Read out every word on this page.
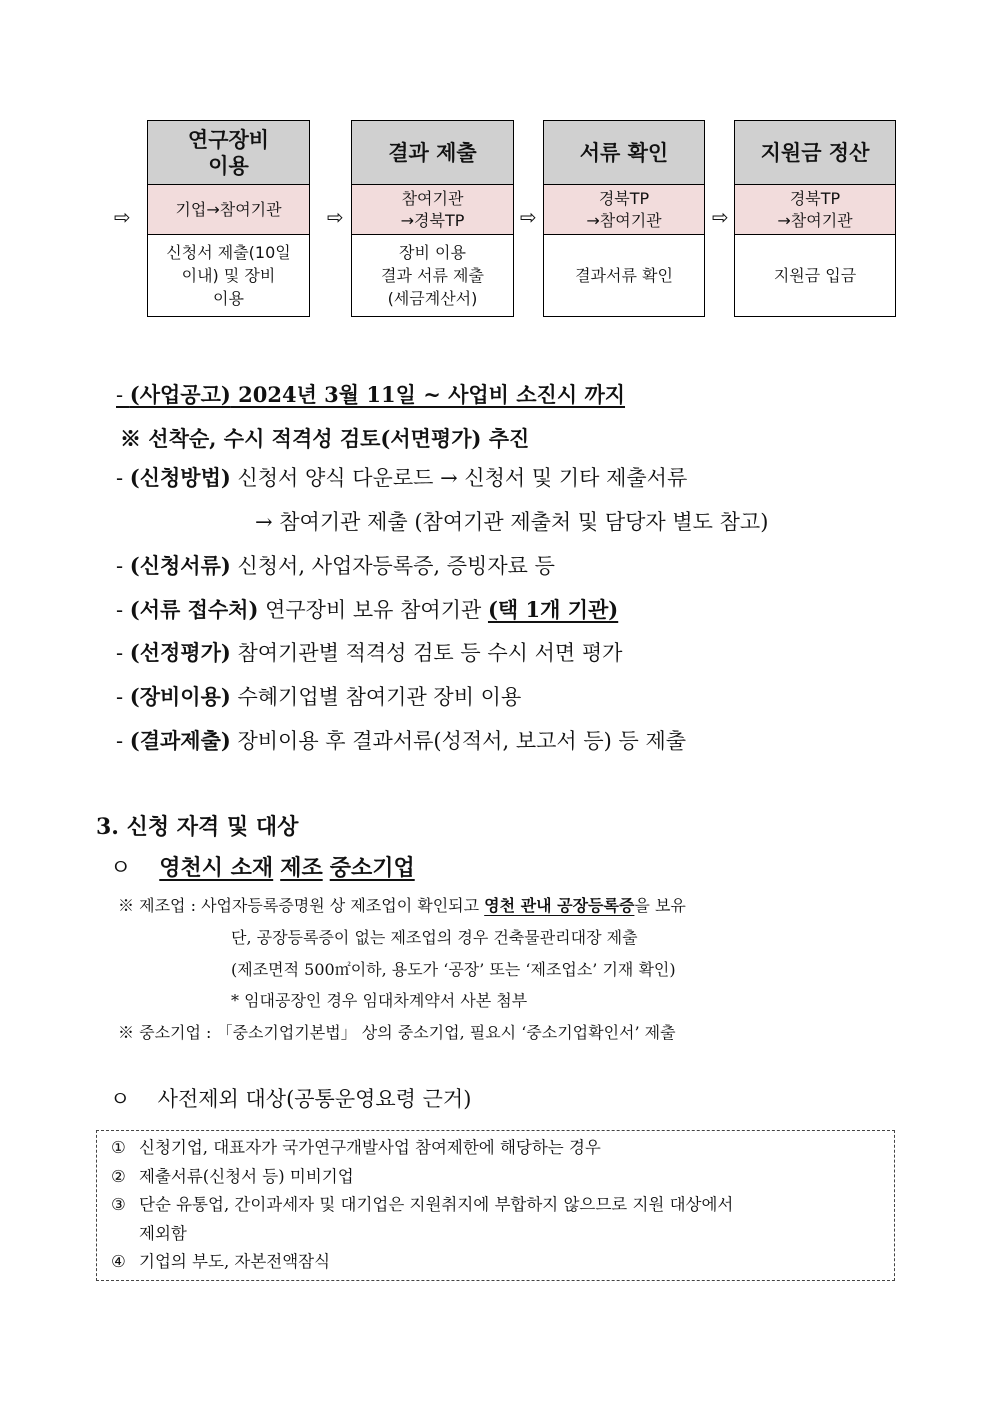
⇨
연구장비
이용
기업→참여기관
신청서 제출(10일
이내) 및 장비
이용
⇨
결과 제출
참여기관
→경북TP
장비 이용
결과 서류 제출
(세금계산서)
⇨
서류 확인
경북TP
→참여기관
결과서류 확인
⇨
지원금 정산
경북TP
→참여기관
지원금 입금
- (사업공고) 2024년 3월 11일 ~ 사업비 소진시 까지
※ 선착순, 수시 적격성 검토(서면평가) 추진
- (신청방법) 신청서 양식 다운로드 → 신청서 및 기타 제출서류
→ 참여기관 제출 (참여기관 제출처 및 담당자 별도 참고)
- (신청서류) 신청서, 사업자등록증, 증빙자료 등
- (서류 접수처) 연구장비 보유 참여기관 (택 1개 기관)
- (선정평가) 참여기관별 적격성 검토 등 수시 서면 평가
- (장비이용) 수혜기업별 참여기관 장비 이용
- (결과제출) 장비이용 후 결과서류(성적서, 보고서 등) 등 제출
3. 신청 자격 및 대상
ㅇ 영천시 소재 제조 중소기업
※ 제조업 : 사업자등록증명원 상 제조업이 확인되고 영천 관내 공장등록증을 보유
단, 공장등록증이 없는 제조업의 경우 건축물관리대장 제출
(제조면적 500㎡이하, 용도가 ‘공장’ 또는 ‘제조업소’ 기재 확인)
* 임대공장인 경우 임대차계약서 사본 첨부
※ 중소기업 : 「중소기업기본법」 상의 중소기업, 필요시 ‘중소기업확인서’ 제출
ㅇ 사전제외 대상(공통운영요령 근거)
① 신청기업, 대표자가 국가연구개발사업 참여제한에 해당하는 경우
② 제출서류(신청서 등) 미비기업
③ 단순 유통업, 간이과세자 및 대기업은 지원취지에 부합하지 않으므로 지원 대상에서
제외함
④ 기업의 부도, 자본전액잠식
